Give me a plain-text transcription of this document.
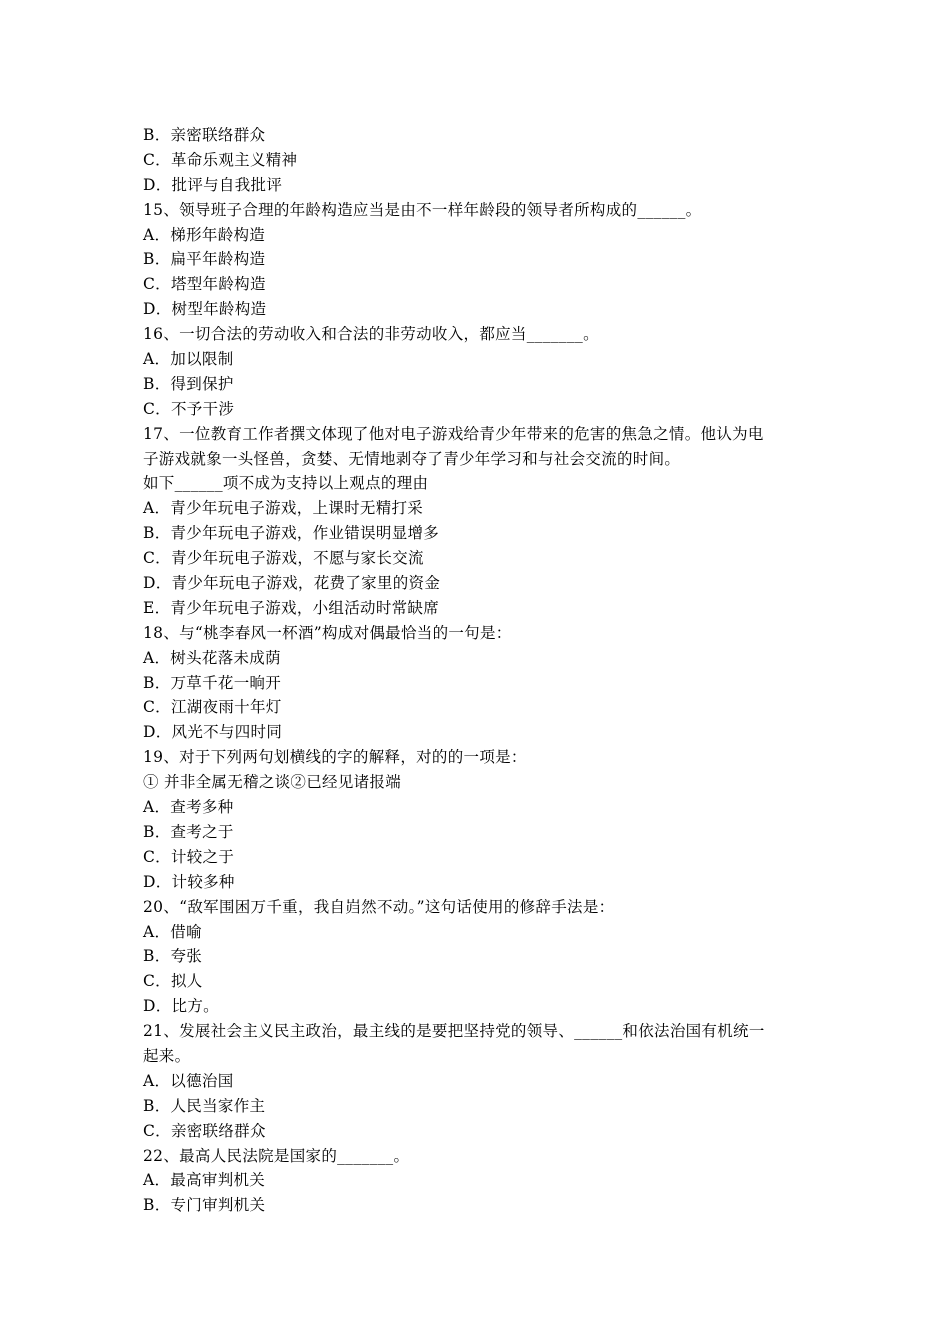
B．亲密联络群众
C．革命乐观主义精神
D．批评与自我批评
15、领导班子合理的年龄构造应当是由不一样年龄段的领导者所构成的______。
A．梯形年龄构造
B．扁平年龄构造
C．塔型年龄构造
D．树型年龄构造
16、一切合法的劳动收入和合法的非劳动收入，都应当_______。
A．加以限制
B．得到保护
C．不予干涉
17、一位教育工作者撰文体现了他对电子游戏给青少年带来的危害的焦急之情。他认为电
子游戏就象一头怪兽，贪婪、无情地剥夺了青少年学习和与社会交流的时间。
如下______项不成为支持以上观点的理由
A．青少年玩电子游戏，上课时无精打采
B．青少年玩电子游戏，作业错误明显增多
C．青少年玩电子游戏，不愿与家长交流
D．青少年玩电子游戏，花费了家里的资金
E．青少年玩电子游戏，小组活动时常缺席
18、与“桃李春风一杯酒”构成对偶最恰当的一句是：
A．树头花落未成荫
B．万草千花一晌开
C．江湖夜雨十年灯
D．风光不与四时同
19、对于下列两句划横线的字的解释，对的的一项是：
① 并非全属无稽之谈②已经见诸报端
A．查考多种
B．查考之于
C．计较之于
D．计较多种
20、“敌军围困万千重，我自岿然不动。”这句话使用的修辞手法是：
A．借喻
B．夸张
C．拟人
D．比方。
21、发展社会主义民主政治，最主线的是要把坚持党的领导、______和依法治国有机统一
起来。
A．以德治国
B．人民当家作主
C．亲密联络群众
22、最高人民法院是国家的_______。
A．最高审判机关
B．专门审判机关
